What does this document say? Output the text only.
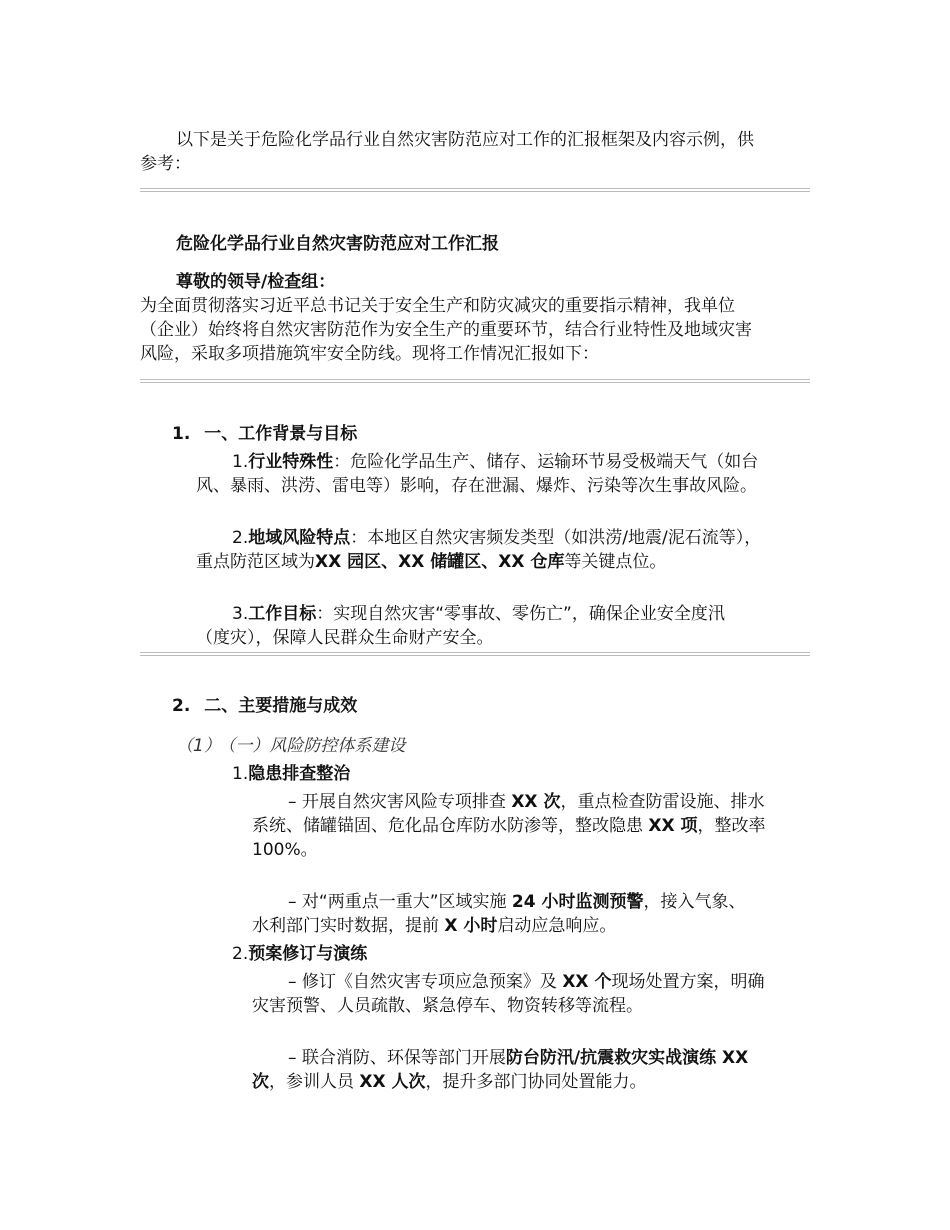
以下是关于危险化学品行业自然灾害防范应对工作的汇报框架及内容示例，供
参考：
危险化学品行业自然灾害防范应对工作汇报
尊敬的领导/检查组：
为全面贯彻落实习近平总书记关于安全生产和防灾减灾的重要指示精神，我单位
（企业）始终将自然灾害防范作为安全生产的重要环节，结合行业特性及地域灾害
风险，采取多项措施筑牢安全防线。现将工作情况汇报如下：
1. 一、工作背景与目标
1.行业特殊性：危险化学品生产、储存、运输环节易受极端天气（如台
风、暴雨、洪涝、雷电等）影响，存在泄漏、爆炸、污染等次生事故风险。
2.地域风险特点：本地区自然灾害频发类型（如洪涝/地震/泥石流等），
重点防范区域为XX 园区、XX 储罐区、XX 仓库等关键点位。
3.工作目标：实现自然灾害“零事故、零伤亡”，确保企业安全度汛
（度灾），保障人民群众生命财产安全。
2. 二、主要措施与成效
（1） （一）风险防控体系建设
1.隐患排查整治
– 开展自然灾害风险专项排查 XX 次，重点检查防雷设施、排水
系统、储罐锚固、危化品仓库防水防渗等，整改隐患 XX 项，整改率
100%。
– 对“两重点一重大”区域实施 24 小时监测预警，接入气象、
水利部门实时数据，提前 X 小时启动应急响应。
2.预案修订与演练
– 修订《自然灾害专项应急预案》及 XX 个现场处置方案，明确
灾害预警、人员疏散、紧急停车、物资转移等流程。
– 联合消防、环保等部门开展防台防汛/抗震救灾实战演练 XX
次，参训人员 XX 人次，提升多部门协同处置能力。
